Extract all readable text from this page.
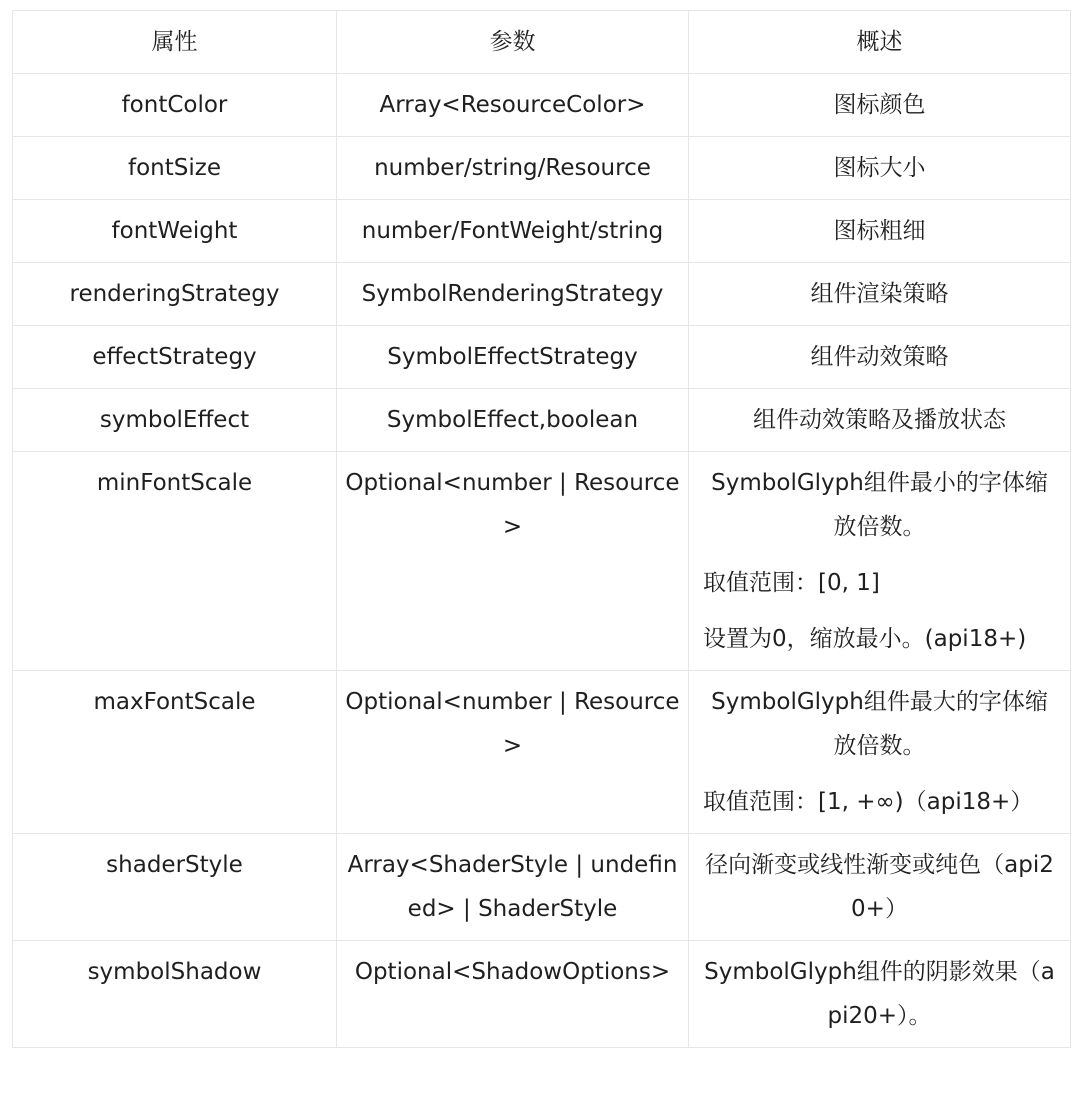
属性	参数	概述
fontColor	Array<ResourceColor>	图标颜色

fontSize	number/string/Resource	图标大小

fontWeight	number/FontWeight/string	图标粗细

renderingStrategy	SymbolRenderingStrategy	组件渲染策略

effectStrategy	SymbolEffectStrategy	组件动效策略

symbolEffect	SymbolEffect,boolean	组件动效策略及播放状态

minFontScale	Optional<number | Resource>	SymbolGlyph组件最小的字体缩放倍数。
取值范围：[0, 1]
设置为0，缩放最小。(api18+)

maxFontScale	Optional<number | Resource>	SymbolGlyph组件最大的字体缩放倍数。
取值范围：[1, +∞)（api18+）

shaderStyle	Array<ShaderStyle | undefined> | ShaderStyle	径向渐变或线性渐变或纯色（api20+）

symbolShadow	Optional<ShadowOptions>	SymbolGlyph组件的阴影效果（api20+）。
